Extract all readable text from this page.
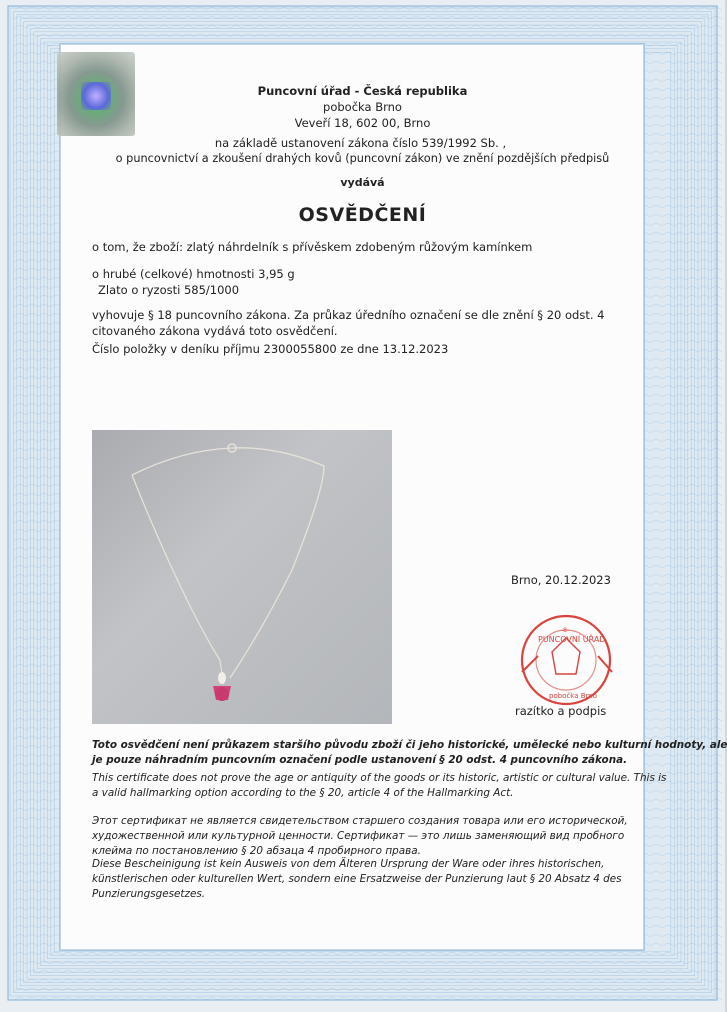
Puncovní úřad - Česká republika
pobočka Brno
Veveří 18, 602 00, Brno
na základě ustanovení zákona číslo 539/1992 Sb. ,
o puncovnictví a zkoušení drahých kovů (puncovní zákon) ve znění pozdějších předpisů
vydává
OSVĚDČENÍ
o tom, že zboží: zlatý náhrdelník s přívěskem zdobeným růžovým kamínkem
o hrubé (celkové) hmotnosti 3,95 g
Zlato o ryzosti 585/1000
vyhovuje § 18 puncovního zákona. Za průkaz úředního označení se dle znění § 20 odst. 4
citovaného zákona vydává toto osvědčení.
Číslo položky v deníku příjmu 2300055800 ze dne 13.12.2023
Brno, 20.12.2023
PUNCOVNÍ ÚŘAD
-8-
pobočka Brno
razítko a podpis
Toto osvědčení není průkazem staršího původu zboží či jeho historické, umělecké nebo kulturní hodnoty, ale
je pouze náhradním puncovním označení podle ustanovení § 20 odst. 4 puncovního zákona.
This certificate does not prove the age or antiquity of the goods or its historic, artistic or cultural value. This is
a valid hallmarking option according to the § 20, article 4 of the Hallmarking Act.
Этот сертификат не является свидетельством старшего создания товара или его исторической,
художественной или культурной ценности. Сертификат — это лишь заменяющий вид пробного
клейма по постановлению § 20 абзаца 4 пробирного права.
Diese Bescheinigung ist kein Ausweis von dem Älteren Ursprung der Ware oder ihres historischen,
künstlerischen oder kulturellen Wert, sondern eine Ersatzweise der Punzierung laut § 20 Absatz 4 des
Punzierungsgesetzes.
